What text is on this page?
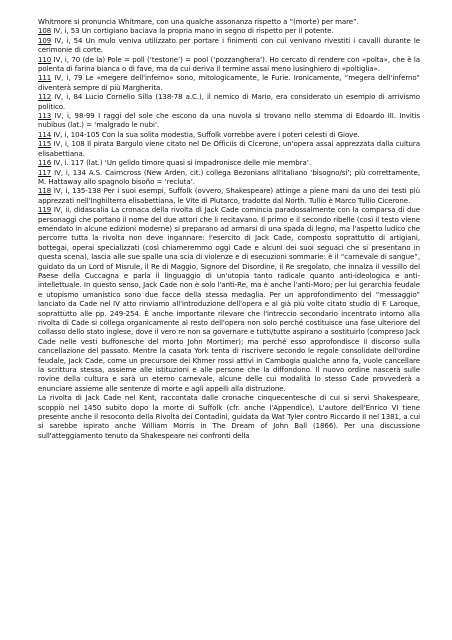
Whitmore si pronuncia Whitmare, con una qualche assonanza rispetto a “(morte) per mare”.

108 IV, i, 53 Un cortigiano baciava la propria mano in segno di rispetto per il potente.

109 IV, i, 54 Un mulo veniva utilizzato per portare i finimenti con cui venivano rivestiti i cavalli durante le cerimonie di corte.

110 IV, i, 70 (de la) Pole = poll (‘testone’) = pool (‘pozzanghera’). Ho cercato di rendere con «polta», che è la polenta di farina bianca o di fave, ma da cui deriva il termine assai meno lusinghiero di «poltiglia».

111 IV, i, 79 Le «megere dell'inferno» sono, mitologicamente, le Furie. Ironicamente, “megera dell'inferno” diventerà sempre di più Margherita.

112 IV, i, 84 Lucio Cornelio Silla (138-78 a.C.), il nemico di Mario, era considerato un esempio di arrivismo politico.

113 IV, i, 98-99 I raggi del sole che escono da una nuvola si trovano nello stemma di Edoardo III. Invitis nubibus (lat.) = ‘malgrado le nubi’.

114 IV, i, 104-105 Con la sua solita modestia, Suffolk vorrebbe avere i poteri celesti di Giove.

115 IV, i, 108 Il pirata Bargulo viene citato nel De Officiis di Cicerone, un'opera assai apprezzata dalla cultura elisabettiana.

116 IV, i. 117 (lat.) ‘Un gelido timore quasi si impadronisce delle mie membra’.

117 IV, i, 134 A.S. Cairncross (New Arden, cit.) collega Bezonians all'italiano ‘bisogno/si’; più correttamente, M. Hattaway allo spagnolo bisoño = ‘recluta’.

118 IV, i, 135-138 Per i suoi esempi, Suffolk (ovvero, Shakespeare) attinge a piene mani da uno dei testi più apprezzati nell'Inghilterra elisabettiana, le Vite di Plutarco, tradotte dal North. Tullio è Marco Tullio Cicerone.

119 IV, ii, didascalia La cronaca della rivolta di Jack Cade comincia paradossalmente con la comparsa di due personaggi che portano il nome del due attori che li recitavano. Il primo e il secondo ribelle (così il testo viene emendato in alcune edizioni moderne) si preparano ad armarsi di una spada di legno, ma l'aspetto ludico che percorre tutta la rivolta non deve ingannare: l'esercito di Jack Cade, composto soprattutto di artigiani, bottegai, operai specializzati (così chiameremmo oggi Cade e alcuni dei suoi seguaci che si presentano in questa scena), lascia alle sue spalle una scia di violenze e di esecuzioni sommarie: è il “carnevale di sangue”, guidato da un Lord of Misrule, il Re di Maggio, Signore del Disordine, il Re sregolato, che innalza il vessillo del Paese della Cuccagna e parla il linguaggio di un'utopia tanto radicale quanto anti-ideologica e anti-intellettuale. In questo senso, Jack Cade non è solo l'anti-Re, ma è anche l'anti-Moro; per lui gerarchia feudale e utopismo umanistico sono due facce della stessa medaglia. Per un approfondimento del “messaggio” lanciato da Cade nel IV atto rinviamo all'introduzione dell'opera e al già più volte citato studio di F. Laroque, soprattutto alle pp. 249-254. È anche importante rilevare che l'intreccio secondario incentrato intorno alla rivolta di Cade si collega organicamente al resto dell'opera non solo perché costituisce una fase ulteriore del collasso dello stato inglese, dove il vero re non sa governare e tutti/tutte aspirano a sostituirlo (compreso Jack Cade nelle vesti buffonesche del morto John Mortimer); ma perché esso approfondisce il discorso sulla cancellazione del passato. Mentre la casata York tenta di riscrivere secondo le regole consolidate dell'ordine feudale, Jack Cade, come un precursore dei Khmer rossi attivi in Cambogia qualche anno fa, vuole cancellare la scrittura stessa, assieme alle istituzioni e alle persone che la diffondono. Il nuovo ordine nascerà sulle rovine della cultura e sarà un eterno carnevale, alcune delle cui modalità lo stesso Cade provvederà a enunciare assieme alle sentenze di morte e agli appelli alla distruzione.

La rivolta di Jack Cade nel Kent, raccontata dalle cronache cinquecentesche di cui si servì Shakespeare, scoppiò nel 1450 subito dopo la morte di Suffolk (cfr. anche l'Appendice). L'autore dell'Enrico VI tiene presente anche il resoconto della Rivolta dei Contadini, guidata da Wat Tyler contro Riccardo II nel 1381, a cui si sarebbe ispirato anche William Morris in The Dream of John Ball (1866). Per una discussione sull'atteggiamento tenuto da Shakespeare nei confronti della
